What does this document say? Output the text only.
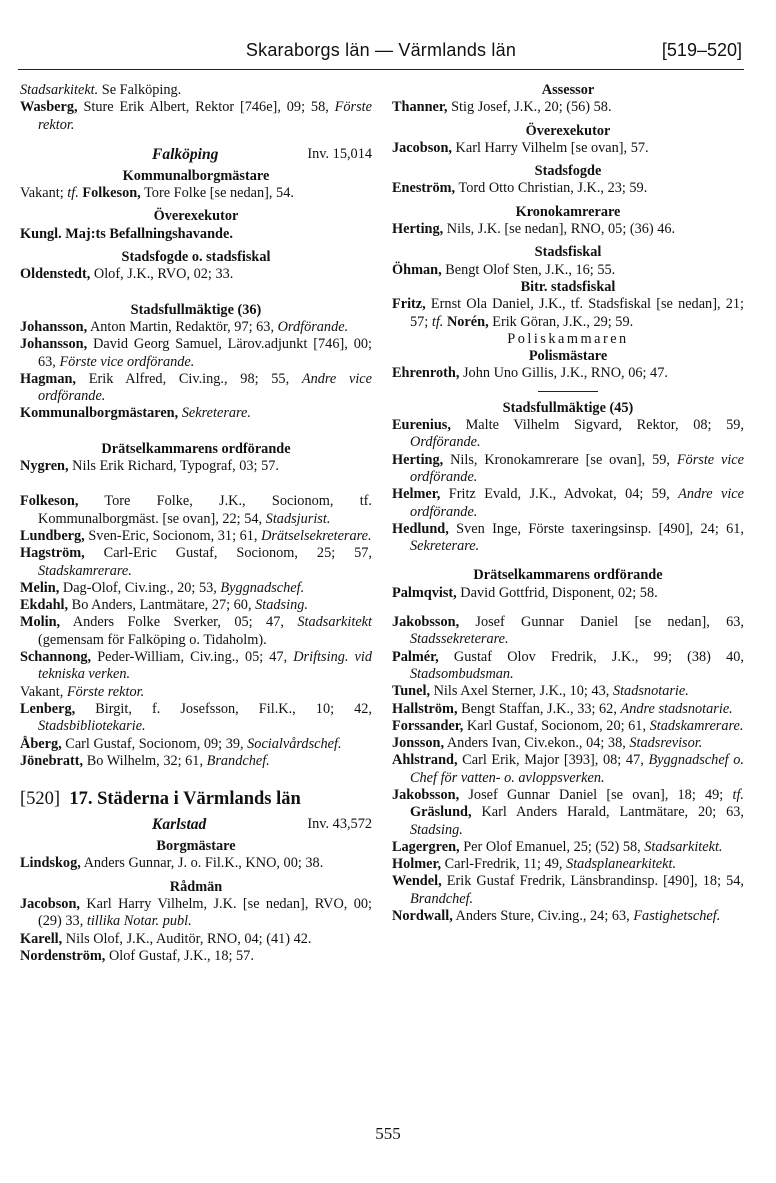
Skaraborgs län — Värmlands län	[519–520]
Stadsarkitekt. Se Falköping.
Wasberg, Sture Erik Albert, Rektor [746e], 09; 58, Förste rektor.
Falköping	Inv. 15,014
Kommunalborgmästare
Vakant; tf. Folkeson, Tore Folke [se nedan], 54.
Överexekutor
Kungl. Maj:ts Befallningshavande.
Stadsfogde o. stadsfiskal
Oldenstedt, Olof, J.K., RVO, 02; 33.
Stadsfullmäktige (36)
Johansson, Anton Martin, Redaktör, 97; 63, Ordförande.
Johansson, David Georg Samuel, Lärov.adjunkt [746], 00; 63, Förste vice ordförande.
Hagman, Erik Alfred, Civ.ing., 98; 55, Andre vice ordförande.
Kommunalborgmästaren, Sekreterare.
Drätselkammarens ordförande
Nygren, Nils Erik Richard, Typograf, 03; 57.
Folkeson, Tore Folke, J.K., Socionom, tf. Kommunalborgmäst. [se ovan], 22; 54, Stadsjurist.
Lundberg, Sven-Eric, Socionom, 31; 61, Drätselsekreterare.
Hagström, Carl-Eric Gustaf, Socionom, 25; 57, Stadskamrerare.
Melin, Dag-Olof, Civ.ing., 20; 53, Byggnadschef.
Ekdahl, Bo Anders, Lantmätare, 27; 60, Stadsing.
Molin, Anders Folke Sverker, 05; 47, Stadsarkitekt (gemensam för Falköping o. Tidaholm).
Schannong, Peder-William, Civ.ing., 05; 47, Driftsing. vid tekniska verken.
Vakant, Förste rektor.
Lenberg, Birgit, f. Josefsson, Fil.K., 10; 42, Stadsbibliotekarie.
Åberg, Carl Gustaf, Socionom, 09; 39, Socialvårdschef.
Jönebratt, Bo Wilhelm, 32; 61, Brandchef.
[520] 17. Städerna i Värmlands län
Karlstad	Inv. 43,572
Borgmästare
Lindskog, Anders Gunnar, J. o. Fil.K., KNO, 00; 38.
Rådmän
Jacobson, Karl Harry Vilhelm, J.K. [se nedan], RVO, 00; (29) 33, tillika Notar. publ.
Karell, Nils Olof, J.K., Auditör, RNO, 04; (41) 42.
Nordenström, Olof Gustaf, J.K., 18; 57.
Assessor
Thanner, Stig Josef, J.K., 20; (56) 58.
Överexekutor
Jacobson, Karl Harry Vilhelm [se ovan], 57.
Stadsfogde
Eneström, Tord Otto Christian, J.K., 23; 59.
Kronokamrerare
Herting, Nils, J.K. [se nedan], RNO, 05; (36) 46.
Stadsfiskal
Öhman, Bengt Olof Sten, J.K., 16; 55.
Bitr. stadsfiskal
Fritz, Ernst Ola Daniel, J.K., tf. Stadsfiskal [se nedan], 21; 57; tf. Norén, Erik Göran, J.K., 29; 59.
Poliskammaren
Polismästare
Ehrenroth, John Uno Gillis, J.K., RNO, 06; 47.
Stadsfullmäktige (45)
Eurenius, Malte Vilhelm Sigvard, Rektor, 08; 59, Ordförande.
Herting, Nils, Kronokamrerare [se ovan], 59, Förste vice ordförande.
Helmer, Fritz Evald, J.K., Advokat, 04; 59, Andre vice ordförande.
Hedlund, Sven Inge, Förste taxeringsinsp. [490], 24; 61, Sekreterare.
Drätselkammarens ordförande
Palmqvist, David Gottfrid, Disponent, 02; 58.
Jakobsson, Josef Gunnar Daniel [se nedan], 63, Stadssekreterare.
Palmér, Gustaf Olov Fredrik, J.K., 99; (38) 40, Stadsombudsman.
Tunel, Nils Axel Sterner, J.K., 10; 43, Stadsnotarie.
Hallström, Bengt Staffan, J.K., 33; 62, Andre stadsnotarie.
Forssander, Karl Gustaf, Socionom, 20; 61, Stadskamrerare.
Jonsson, Anders Ivan, Civ.ekon., 04; 38, Stadsrevisor.
Ahlstrand, Carl Erik, Major [393], 08; 47, Byggnadschef o. Chef för vatten- o. avloppsverken.
Jakobsson, Josef Gunnar Daniel [se ovan], 18; 49; tf. Gräslund, Karl Anders Harald, Lantmätare, 20; 63, Stadsing.
Lagergren, Per Olof Emanuel, 25; (52) 58, Stadsarkitekt.
Holmer, Carl-Fredrik, 11; 49, Stadsplanearkitekt.
Wendel, Erik Gustaf Fredrik, Länsbrandinsp. [490], 18; 54, Brandchef.
Nordwall, Anders Sture, Civ.ing., 24; 63, Fastighetschef.
555
